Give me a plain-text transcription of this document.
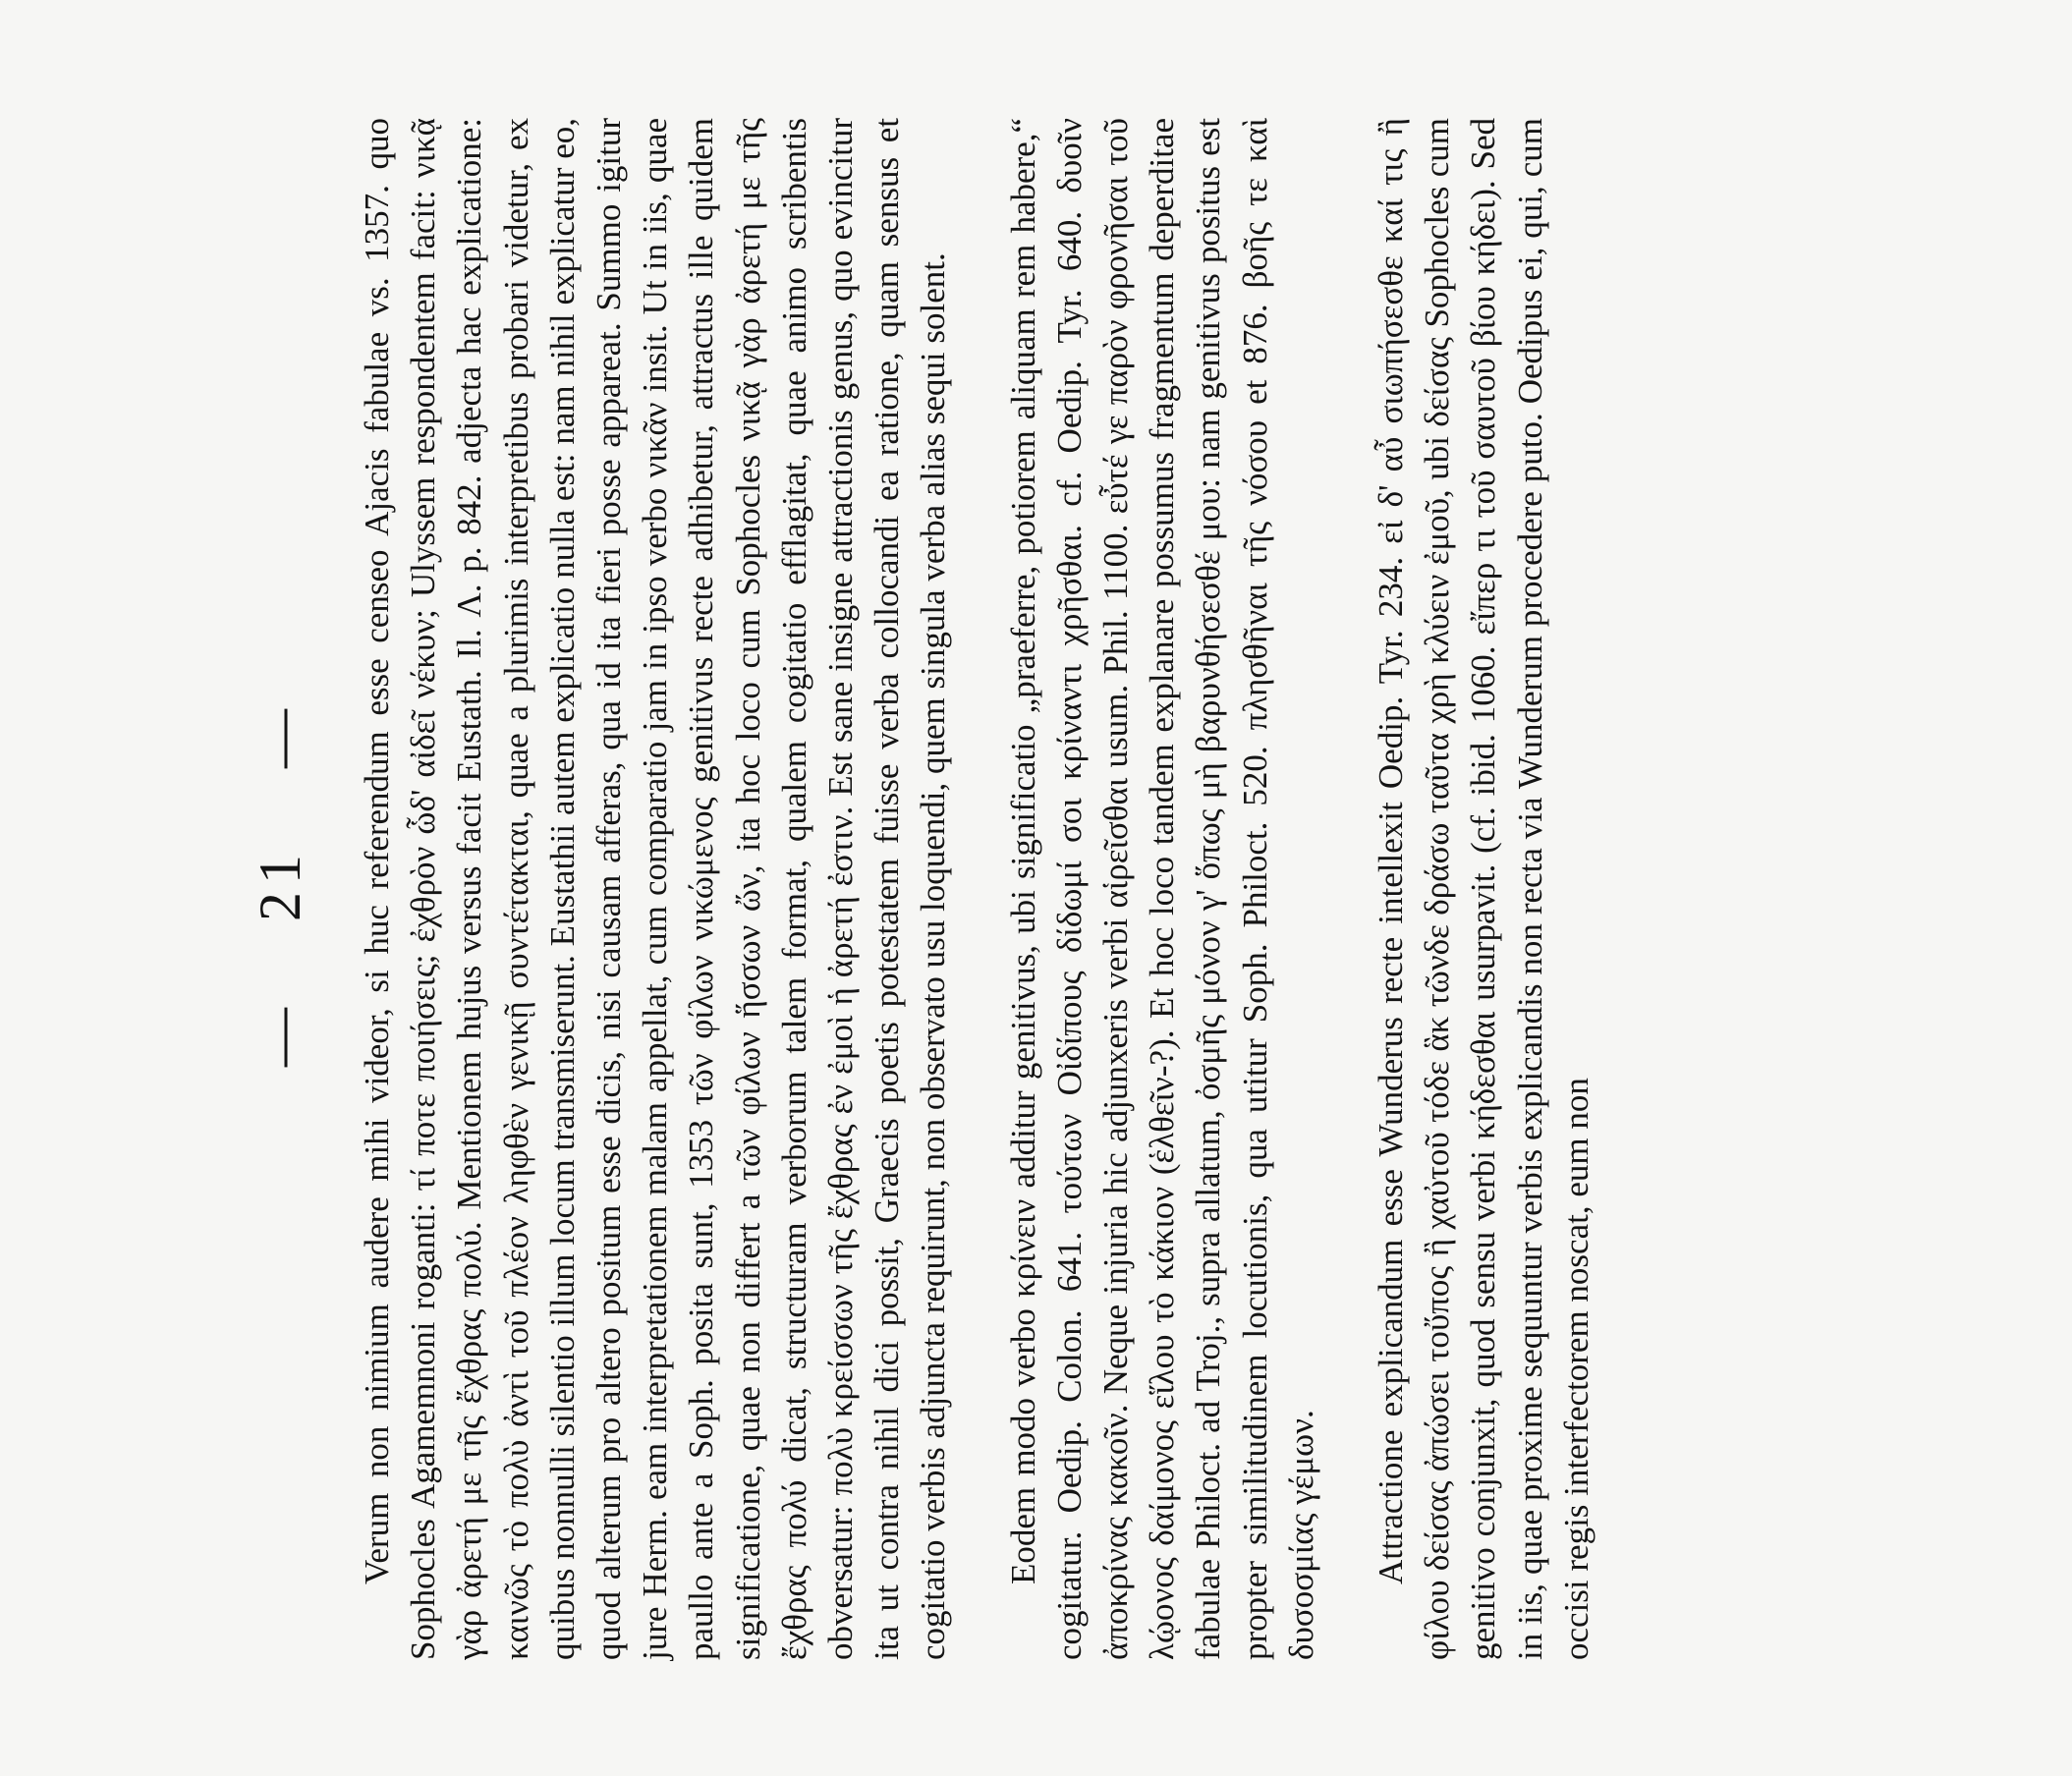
—
21
— Verum non nimium audere mihi videor, si huc referendum esse censeo Ajacis fabulae vs. 1357. quo Sophocles Agamemnoni roganti: τί ποτε ποιήσεις; ἐχθρὸν ὧδ' αἰδεῖ νέκυν; Ulyssem respondentem facit: νικᾷ γὰρ ἀρετή με τῆς ἔχθρας πολύ. Mentionem hujus versus facit Eustath. Il. Λ. p. 842. adjecta hac explicatione: καινῶς τὸ πολὺ ἀντὶ τοῦ πλέον ληφθὲν γενικῇ συντέτακται, quae a plurimis interpretibus probari videtur, ex quibus nonnulli silentio illum locum transmiserunt. Eustathii autem explicatio nulla est: nam nihil explicatur eo, quod alterum pro altero positum esse dicis, nisi causam afferas, qua id ita fieri posse appareat. Summo igitur jure Herm. eam interpretationem malam appellat, cum comparatio jam in ipso verbo νικᾶν insit. Ut in iis, quae paullo ante a Soph. posita sunt, 1353 τῶν φίλων νικώμενος genitivus recte adhibetur, attractus ille quidem significatione, quae non differt a τῶν φίλων ἥσσων ὤν, ita hoc loco cum Sophocles νικᾷ γὰρ ἀρετή με τῆς ἔχθρας πολύ dicat, structuram verborum talem format, qualem cogitatio efflagitat, quae animo scribentis obversatur: πολὺ κρείσσων τῆς ἔχθρας ἐν ἐμοὶ ἡ ἀρετή ἐστιν. Est sane insigne attractionis genus, quo evincitur ita ut contra nihil dici possit, Graecis poetis potestatem fuisse verba collocandi ea ratione, quam sensus et cogitatio verbis adjuncta requirunt, non observato usu loquendi, quem singula verba alias sequi solent. Eodem modo verbo κρίνειν additur genitivus, ubi significatio „praeferre, potiorem aliquam rem habere,“ cogitatur. Oedip. Colon. 641. τούτων Οἰδίπους δίδωμί σοι κρίναντι χρῆσθαι. cf. Oedip. Tyr. 640. δυοῖν ἀποκρίνας κακοῖν. Neque injuria hic adjunxeris verbi αἱρεῖσθαι usum. Phil. 1100. εὖτέ γε παρὸν φρονῆσαι τοῦ λῴονος δαίμονος εἵλου τὸ κάκιον (ἑλθεῖν-?). Et hoc loco tandem explanare possumus fragmentum deperditae fabulae Philoct. ad Troj., supra allatum, ὀσμῆς μόνον γ' ὅπως μὴ βαρυνθήσεσθέ μου: nam genitivus positus est propter similitudinem locutionis, qua utitur Soph. Philoct. 520. πλησθῆναι τῆς νόσου et 876. βοῆς τε καὶ δυσοσμίας γέμων. Attractione explicandum esse Wunderus recte intellexit Oedip. Tyr. 234. εἰ δ' αὖ σιωπήσεσθε καί τις ἢ φίλου δείσας ἀπώσει τοὔπος ἢ χαὐτοῦ τόδε ἃκ τῶνδε δράσω ταῦτα χρὴ κλύειν ἐμοῦ, ubi δείσας Sophocles cum genitivo conjunxit, quod sensu verbi κήδεσθαι usurpavit. (cf. ibid. 1060. εἴπερ τι τοῦ σαυτοῦ βίου κήδει). Sed in iis, quae proxime sequuntur verbis explicandis non recta via Wunderum procedere puto. Oedipus ei, qui, cum occisi regis interfectorem noscat, eum non
